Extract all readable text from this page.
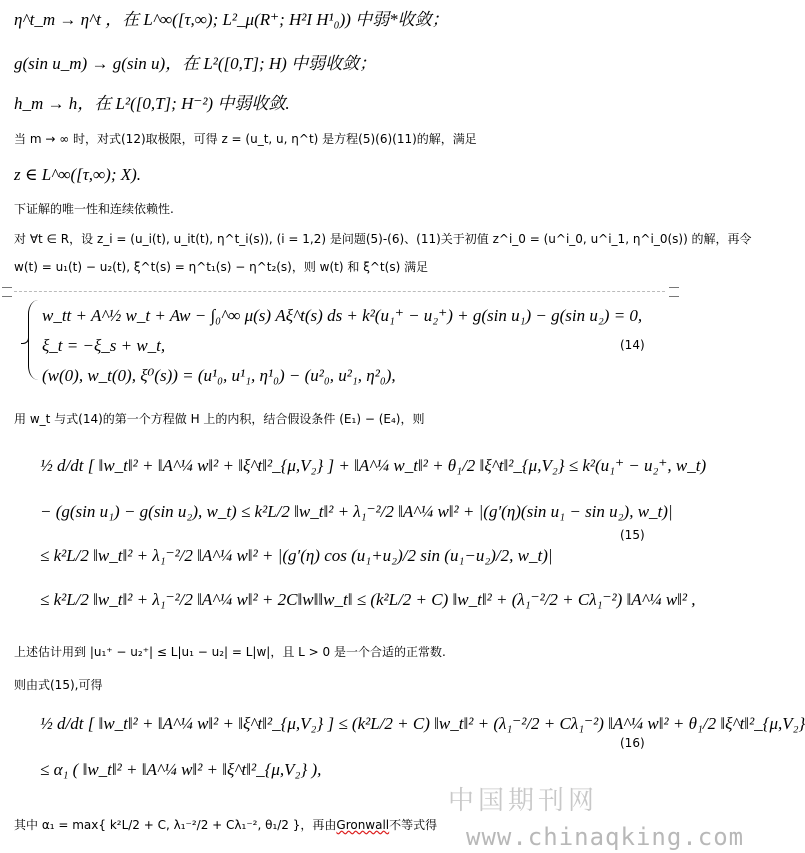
η^t_m → η^t ，在 L^∞([τ,∞); L²_μ(R⁺; H²I H¹₀)) 中弱*收敛；
g(sin u_m) → g(sin u)，在 L²([0,T]; H) 中弱收敛；
h_m → h，在 L²([0,T]; H⁻²) 中弱收敛.
当 m → ∞ 时，对式(12)取极限，可得 z = (u_t, u, η^t) 是方程(5)(6)(11)的解，满足
z ∈ L^∞([τ,∞); X).
下证解的唯一性和连续依赖性.
对 ∀t ∈ R，设 z_i = (u_i(t), u_it(t), η^t_i(s)), (i = 1,2) 是问题(5)-(6)、(11)关于初值 z^i_0 = (u^i_0, u^i_1, η^i_0(s)) 的解，再令
w(t) = u₁(t) − u₂(t), ξ^t(s) = η^t₁(s) − η^t₂(s)，则 w(t) 和 ξ^t(s) 满足
w_tt + A^½ w_t + Aw − ∫₀^∞ μ(s) Aξ^t(s) ds + k²(u₁⁺ − u₂⁺) + g(sin u₁) − g(sin u₂) = 0,
ξ_t = −ξ_s + w_t,
(w(0), w_t(0), ξ⁰(s)) = (u¹₀, u¹₁, η¹₀) − (u²₀, u²₁, η²₀),
(14)
用 w_t 与式(14)的第一个方程做 H 上的内积，结合假设条件 (E₁) − (E₄)，则
½ d/dt [ ‖w_t‖² + ‖A^¼ w‖² + ‖ξ^t‖²_{μ,V₂} ] + ‖A^¼ w_t‖² + θ₁/2 ‖ξ^t‖²_{μ,V₂} ≤ k²(u₁⁺ − u₂⁺, w_t)
− (g(sin u₁) − g(sin u₂), w_t) ≤ k²L/2 ‖w_t‖² + λ₁⁻²/2 ‖A^¼ w‖² + |(g′(η)(sin u₁ − sin u₂), w_t)|
≤ k²L/2 ‖w_t‖² + λ₁⁻²/2 ‖A^¼ w‖² + |(g′(η) cos (u₁+u₂)/2 sin (u₁−u₂)/2, w_t)|
≤ k²L/2 ‖w_t‖² + λ₁⁻²/2 ‖A^¼ w‖² + 2C‖w‖‖w_t‖ ≤ (k²L/2 + C) ‖w_t‖² + (λ₁⁻²/2 + Cλ₁⁻²) ‖A^¼ w‖² ,
(15)
上述估计用到 |u₁⁺ − u₂⁺| ≤ L|u₁ − u₂| = L|w|，且 L > 0 是一个合适的正常数.
则由式(15),可得
½ d/dt [ ‖w_t‖² + ‖A^¼ w‖² + ‖ξ^t‖²_{μ,V₂} ] ≤ (k²L/2 + C) ‖w_t‖² + (λ₁⁻²/2 + Cλ₁⁻²) ‖A^¼ w‖² + θ₁/2 ‖ξ^t‖²_{μ,V₂}
≤ α₁ ( ‖w_t‖² + ‖A^¼ w‖² + ‖ξ^t‖²_{μ,V₂} ),
(16)
其中 α₁ = max{ k²L/2 + C, λ₁⁻²/2 + Cλ₁⁻², θ₁/2 }，再由Gronwall不等式得
中国期刊网
www.chinaqking.com
